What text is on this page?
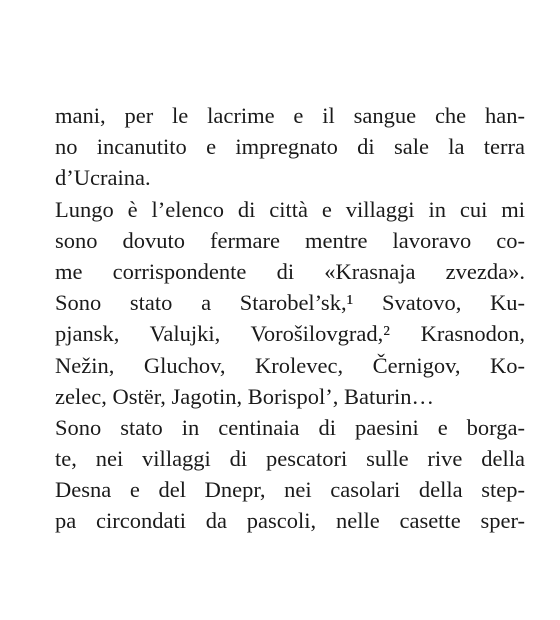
mani, per le lacrime e il sangue che han-
no incanutito e impregnato di sale la terra
d’Ucraina.
Lungo è l’elenco di città e villaggi in cui mi
sono dovuto fermare mentre lavoravo co-
me corrispondente di «Krasnaja zvezda».
Sono stato a Starobel’sk,¹ Svatovo, Ku-
pjansk, Valujki, Vorošilovgrad,² Krasnodon,
Nežin, Gluchov, Krolevec, Černigov, Ko-
zelec, Ostër, Jagotin, Borispol’, Baturin…
Sono stato in centinaia di paesini e borga-
te, nei villaggi di pescatori sulle rive della
Desna e del Dnepr, nei casolari della step-
pa circondati da pascoli, nelle casette sper-
